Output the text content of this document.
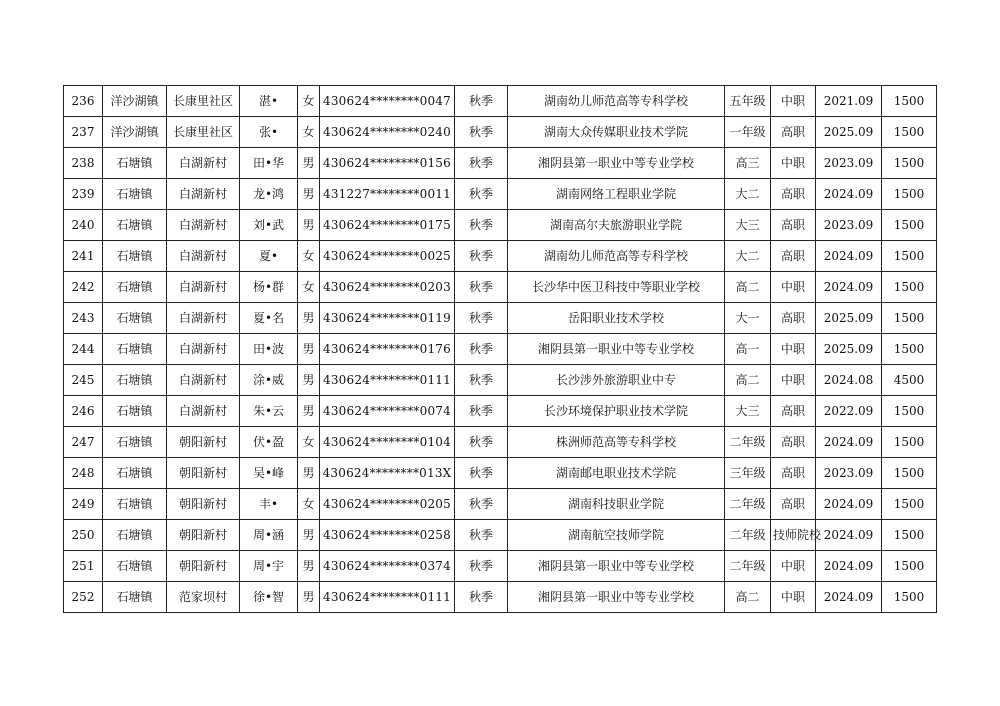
236	洋沙湖镇	长康里社区	湛•	女	430624********0047	秋季	湖南幼儿师范高等专科学校	五年级	中职	2021.09	1500
237	洋沙湖镇	长康里社区	张•	女	430624********0240	秋季	湖南大众传媒职业技术学院	一年级	高职	2025.09	1500
238	石塘镇	白湖新村	田•华	男	430624********0156	秋季	湘阴县第一职业中等专业学校	高三	中职	2023.09	1500
239	石塘镇	白湖新村	龙•鸿	男	431227********0011	秋季	湖南网络工程职业学院	大二	高职	2024.09	1500
240	石塘镇	白湖新村	刘•武	男	430624********0175	秋季	湖南高尔夫旅游职业学院	大三	高职	2023.09	1500
241	石塘镇	白湖新村	夏•	女	430624********0025	秋季	湖南幼儿师范高等专科学校	大二	高职	2024.09	1500
242	石塘镇	白湖新村	杨•群	女	430624********0203	秋季	长沙华中医卫科技中等职业学校	高二	中职	2024.09	1500
243	石塘镇	白湖新村	夏•名	男	430624********0119	秋季	岳阳职业技术学校	大一	高职	2025.09	1500
244	石塘镇	白湖新村	田•波	男	430624********0176	秋季	湘阴县第一职业中等专业学校	高一	中职	2025.09	1500
245	石塘镇	白湖新村	涂•威	男	430624********0111	秋季	长沙涉外旅游职业中专	高二	中职	2024.08	4500
246	石塘镇	白湖新村	朱•云	男	430624********0074	秋季	长沙环境保护职业技术学院	大三	高职	2022.09	1500
247	石塘镇	朝阳新村	伏•盈	女	430624********0104	秋季	株洲师范高等专科学校	二年级	高职	2024.09	1500
248	石塘镇	朝阳新村	吴•峰	男	430624********013X	秋季	湖南邮电职业技术学院	三年级	高职	2023.09	1500
249	石塘镇	朝阳新村	丰•	女	430624********0205	秋季	湖南科技职业学院	二年级	高职	2024.09	1500
250	石塘镇	朝阳新村	周•涵	男	430624********0258	秋季	湖南航空技师学院	二年级	技师院校	2024.09	1500
251	石塘镇	朝阳新村	周•宇	男	430624********0374	秋季	湘阴县第一职业中等专业学校	二年级	中职	2024.09	1500
252	石塘镇	范家坝村	徐•智	男	430624********0111	秋季	湘阴县第一职业中等专业学校	高二	中职	2024.09	1500
